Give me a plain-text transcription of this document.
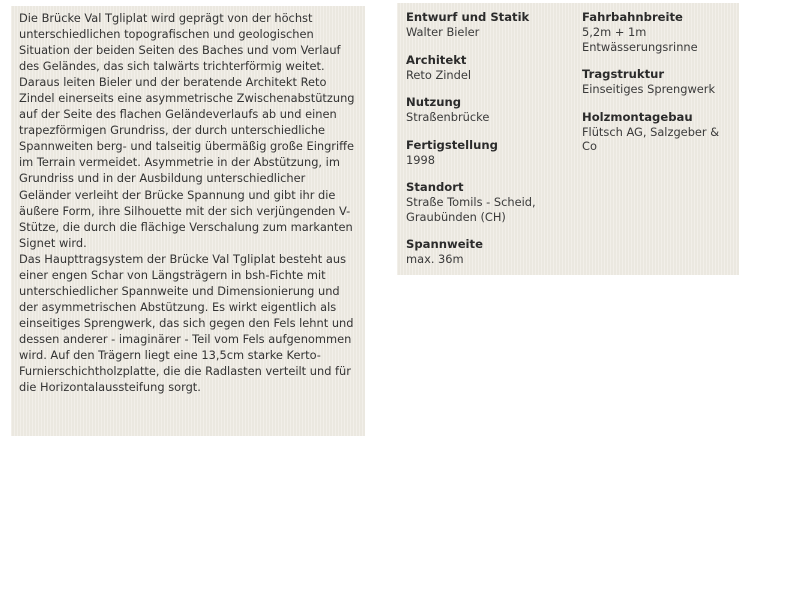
Die Brücke Val Tgliplat wird geprägt von der höchst unterschiedlichen topografischen und geologischen Situation der beiden Seiten des Baches und vom Verlauf des Geländes, das sich talwärts trichterförmig weitet. Daraus leiten Bieler und der beratende Architekt Reto Zindel einerseits eine asymmetrische Zwischenabstützung auf der Seite des flachen Geländeverlaufs ab und einen trapezförmigen Grundriss, der durch unterschiedliche Spannweiten berg- und talseitig übermäßig große Eingriffe im Terrain vermeidet. Asymmetrie in der Abstützung, im Grundriss und in der Ausbildung unterschiedlicher Geländer verleiht der Brücke Spannung und gibt ihr die äußere Form, ihre Silhouette mit der sich verjüngenden V-Stütze, die durch die flächige Verschalung zum markanten Signet wird.

Das Haupttragsystem der Brücke Val Tgliplat besteht aus einer engen Schar von Längsträgern in bsh-Fichte mit unterschiedlicher Spannweite und Dimensionierung und der asymmetrischen Abstützung. Es wirkt eigentlich als einseitiges Sprengwerk, das sich gegen den Fels lehnt und dessen anderer - imaginärer - Teil vom Fels aufgenommen wird. Auf den Trägern liegt eine 13,5cm starke Kerto-Furnierschichtholzplatte, die die Radlasten verteilt und für die Horizontalaussteifung sorgt.

Entwurf und Statik
Walter Bieler
Architekt
Reto Zindel
Nutzung
Straßenbrücke
Fertigstellung
1998
Standort
Straße Tomils - Scheid, Graubünden (CH)
Spannweite
max. 36m
Fahrbahnbreite
5,2m + 1m Entwässerungsrinne
Tragstruktur
Einseitiges Sprengwerk
Holzmontagebau
Flütsch AG, Salzgeber & Co
